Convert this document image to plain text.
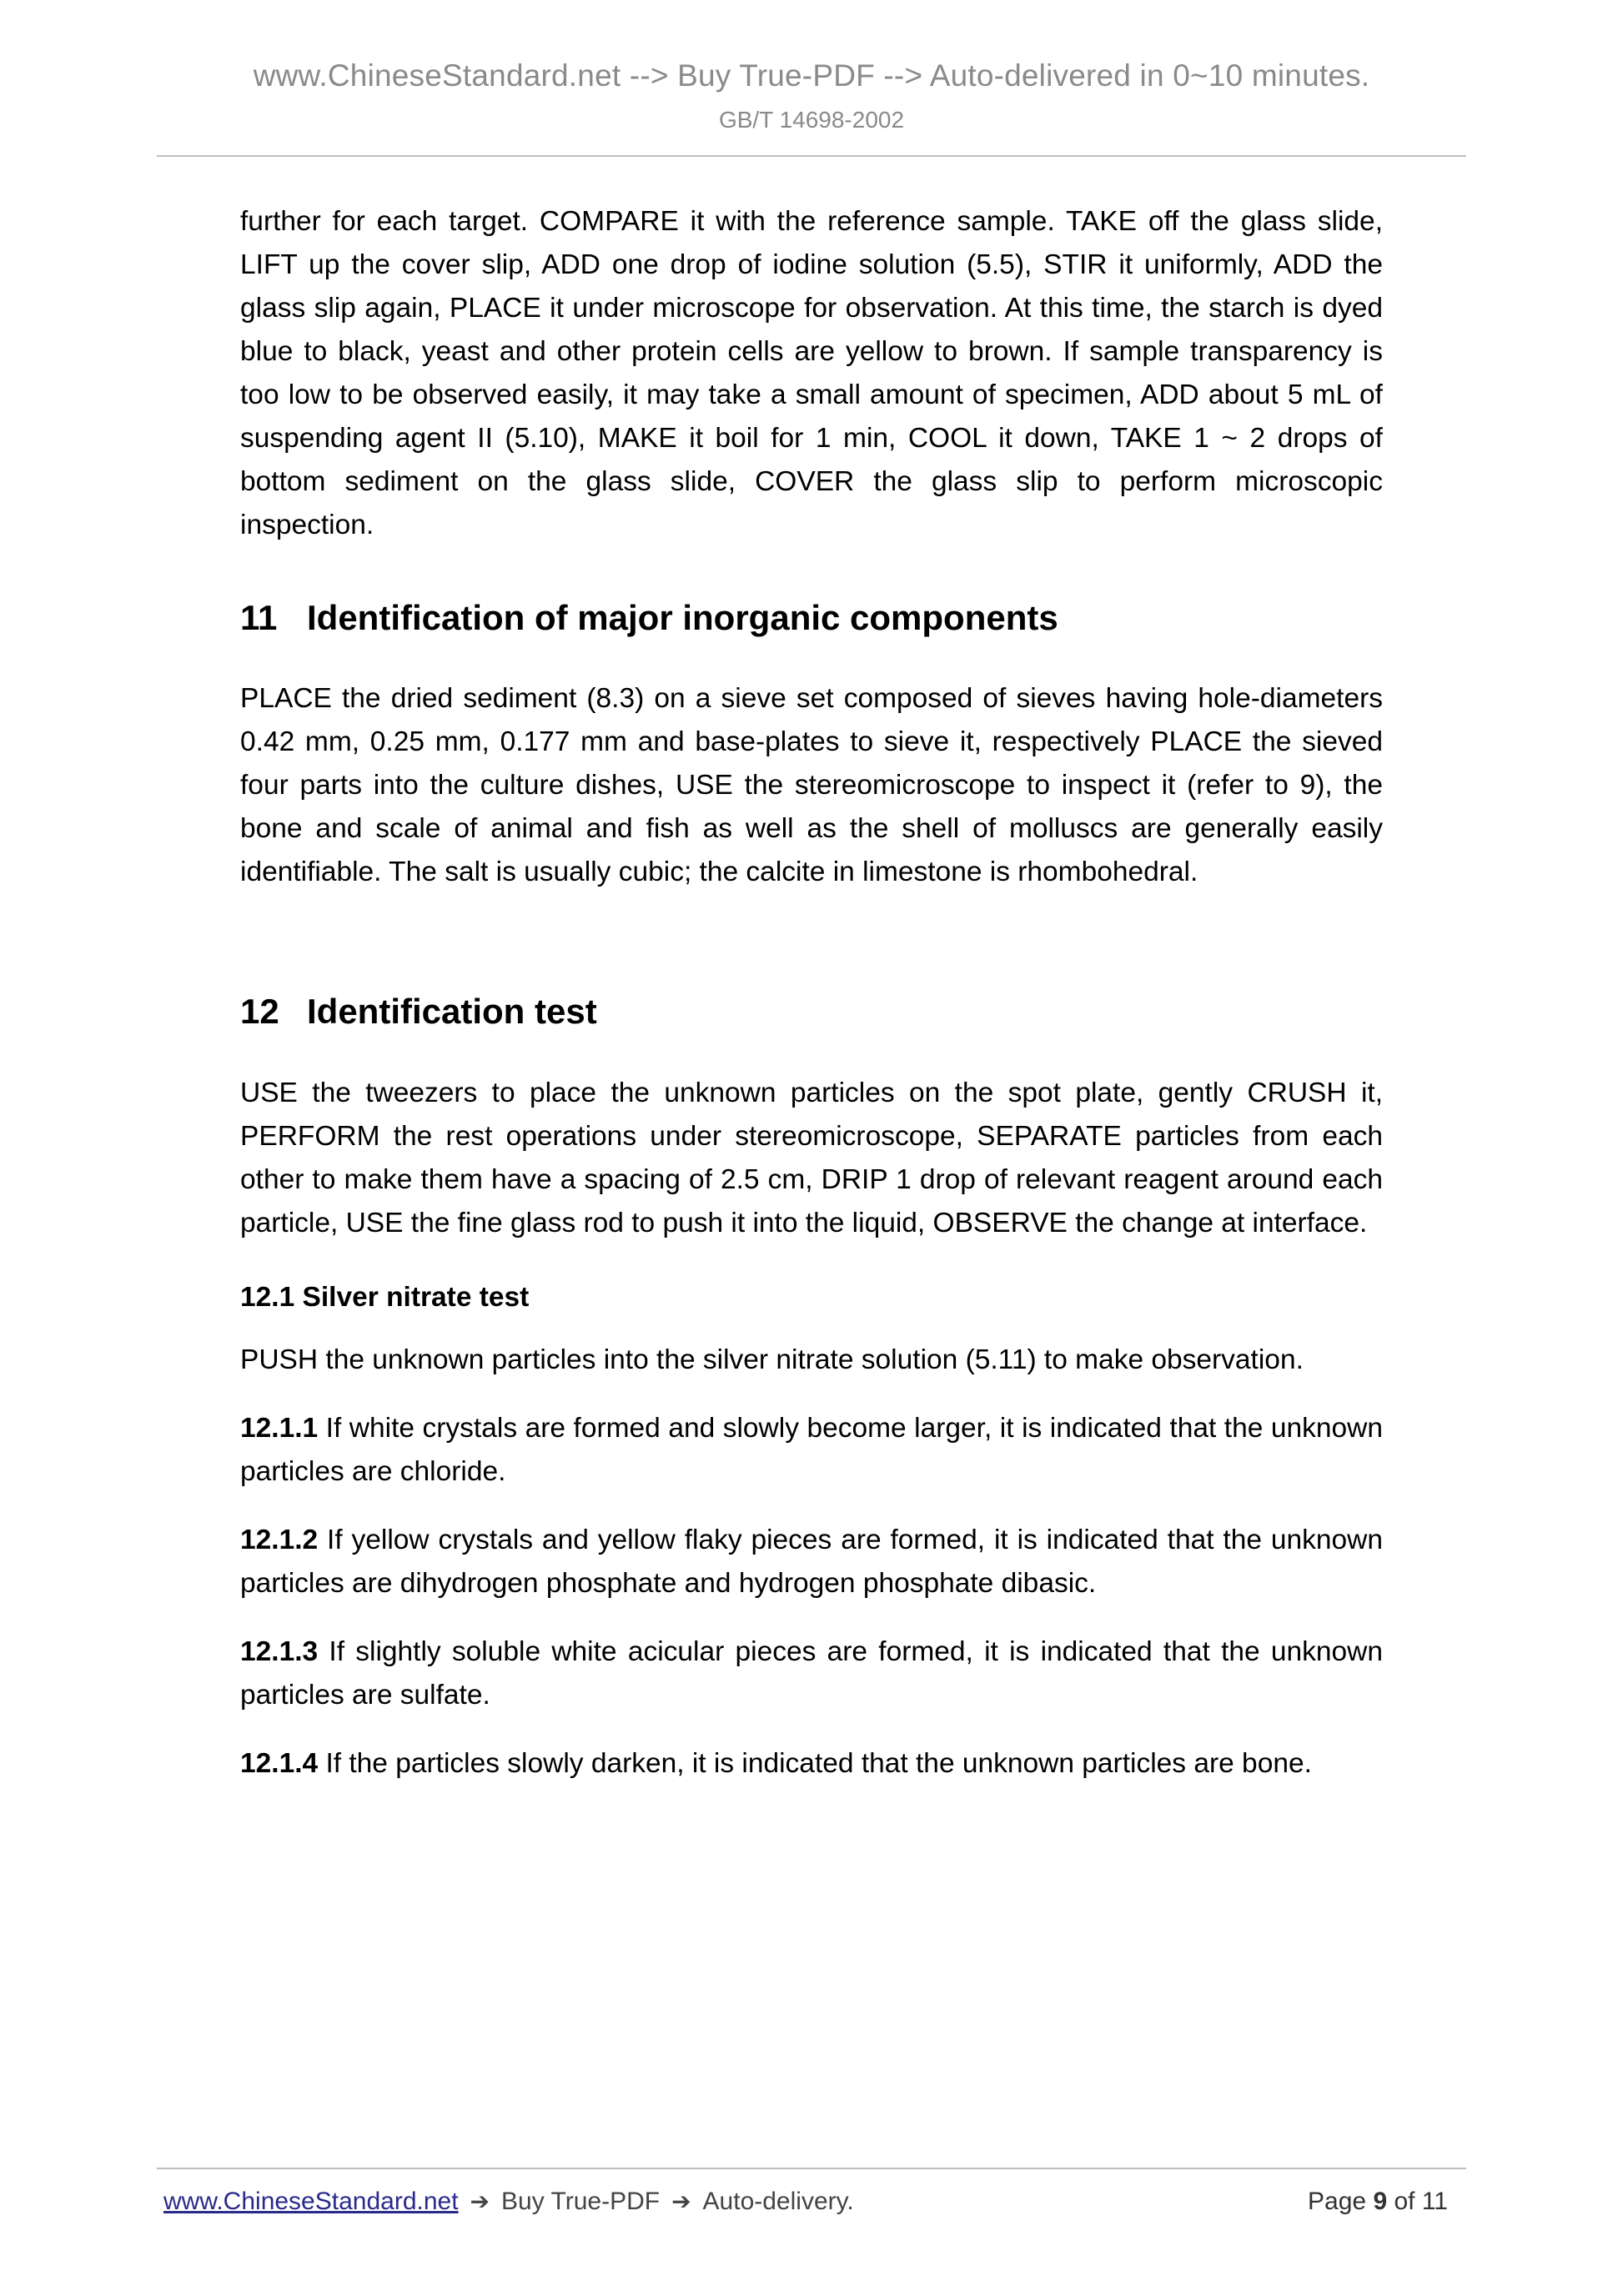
www.ChineseStandard.net --> Buy True-PDF --> Auto-delivered in 0~10 minutes.
GB/T 14698-2002

further for each target. COMPARE it with the reference sample. TAKE off the glass slide, LIFT up the cover slip, ADD one drop of iodine solution (5.5), STIR it uniformly, ADD the glass slip again, PLACE it under microscope for observation. At this time, the starch is dyed blue to black, yeast and other protein cells are yellow to brown. If sample transparency is too low to be observed easily, it may take a small amount of specimen, ADD about 5 mL of suspending agent II (5.10), MAKE it boil for 1 min, COOL it down, TAKE 1 ~ 2 drops of bottom sediment on the glass slide, COVER the glass slip to perform microscopic inspection.

11 Identification of major inorganic components

PLACE the dried sediment (8.3) on a sieve set composed of sieves having hole-diameters 0.42 mm, 0.25 mm, 0.177 mm and base-plates to sieve it, respectively PLACE the sieved four parts into the culture dishes, USE the stereomicroscope to inspect it (refer to 9), the bone and scale of animal and fish as well as the shell of molluscs are generally easily identifiable. The salt is usually cubic; the calcite in limestone is rhombohedral.

12 Identification test

USE the tweezers to place the unknown particles on the spot plate, gently CRUSH it, PERFORM the rest operations under stereomicroscope, SEPARATE particles from each other to make them have a spacing of 2.5 cm, DRIP 1 drop of relevant reagent around each particle, USE the fine glass rod to push it into the liquid, OBSERVE the change at interface.

12.1 Silver nitrate test

PUSH the unknown particles into the silver nitrate solution (5.11) to make observation.

12.1.1 If white crystals are formed and slowly become larger, it is indicated that the unknown particles are chloride.

12.1.2 If yellow crystals and yellow flaky pieces are formed, it is indicated that the unknown particles are dihydrogen phosphate and hydrogen phosphate dibasic.

12.1.3 If slightly soluble white acicular pieces are formed, it is indicated that the unknown particles are sulfate.

12.1.4 If the particles slowly darken, it is indicated that the unknown particles are bone.

www.ChineseStandard.net ➔ Buy True-PDF ➔ Auto-delivery.	Page 9 of 11
